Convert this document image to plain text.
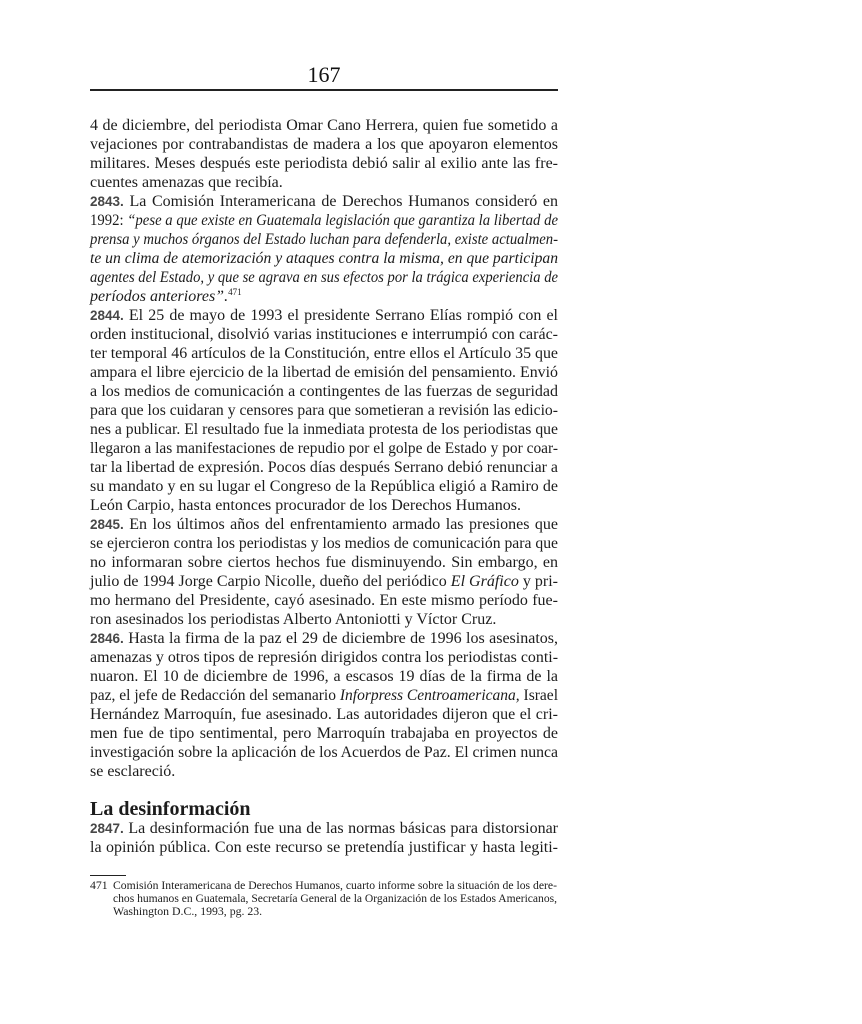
167
4 de diciembre, del periodista Omar Cano Herrera, quien fue sometido a
vejaciones por contrabandistas de madera a los que apoyaron elementos
militares. Meses después este periodista debió salir al exilio ante las fre-
cuentes amenazas que recibía.
2843. La Comisión Interamericana de Derechos Humanos consideró en
1992: “pese a que existe en Guatemala legislación que garantiza la libertad de
prensa y muchos órganos del Estado luchan para defenderla, existe actualmen-
te un clima de atemorización y ataques contra la misma, en que participan
agentes del Estado, y que se agrava en sus efectos por la trágica experiencia de
períodos anteriores”.$^{471}$
2844. El 25 de mayo de 1993 el presidente Serrano Elías rompió con el
orden institucional, disolvió varias instituciones e interrumpió con carác-
ter temporal 46 artículos de la Constitución, entre ellos el Artículo 35 que
ampara el libre ejercicio de la libertad de emisión del pensamiento. Envió
a los medios de comunicación a contingentes de las fuerzas de seguridad
para que los cuidaran y censores para que sometieran a revisión las edicio-
nes a publicar. El resultado fue la inmediata protesta de los periodistas que
llegaron a las manifestaciones de repudio por el golpe de Estado y por coar-
tar la libertad de expresión. Pocos días después Serrano debió renunciar a
su mandato y en su lugar el Congreso de la República eligió a Ramiro de
León Carpio, hasta entonces procurador de los Derechos Humanos.
2845. En los últimos años del enfrentamiento armado las presiones que
se ejercieron contra los periodistas y los medios de comunicación para que
no informaran sobre ciertos hechos fue disminuyendo. Sin embargo, en
julio de 1994 Jorge Carpio Nicolle, dueño del periódico El Gráfico y pri-
mo hermano del Presidente, cayó asesinado. En este mismo período fue-
ron asesinados los periodistas Alberto Antoniotti y Víctor Cruz.
2846. Hasta la firma de la paz el 29 de diciembre de 1996 los asesinatos,
amenazas y otros tipos de represión dirigidos contra los periodistas conti-
nuaron. El 10 de diciembre de 1996, a escasos 19 días de la firma de la
paz, el jefe de Redacción del semanario Inforpress Centroamericana, Israel
Hernández Marroquín, fue asesinado. Las autoridades dijeron que el cri-
men fue de tipo sentimental, pero Marroquín trabajaba en proyectos de
investigación sobre la aplicación de los Acuerdos de Paz. El crimen nunca
se esclareció.
La desinformación
2847. La desinformación fue una de las normas básicas para distorsionar
la opinión pública. Con este recurso se pretendía justificar y hasta legiti-
471 Comisión Interamericana de Derechos Humanos, cuarto informe sobre la situación de los dere-
chos humanos en Guatemala, Secretaría General de la Organización de los Estados Americanos,
Washington D.C., 1993, pg. 23.
